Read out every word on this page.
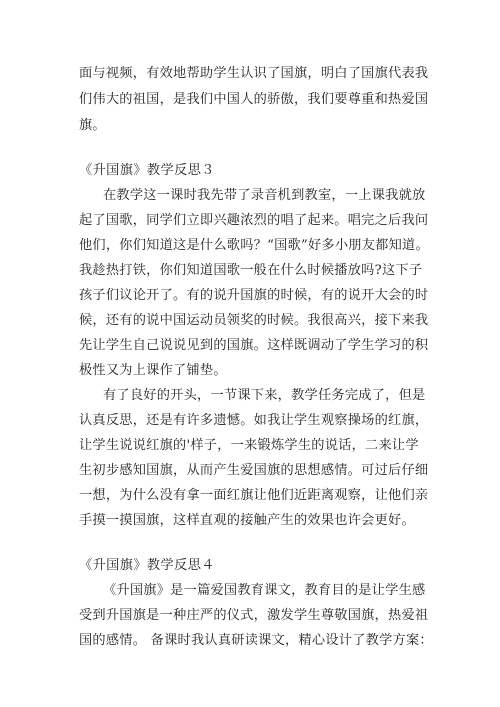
面与视频，有效地帮助学生认识了国旗，明白了国旗代表我
们伟大的祖国，是我们中国人的骄傲，我们要尊重和热爱国
旗。
《升国旗》教学反思３
在教学这一课时我先带了录音机到教室，一上课我就放
起了国歌，同学们立即兴趣浓烈的唱了起来。唱完之后我问
他们，你们知道这是什么歌吗？“国歌”好多小朋友都知道。
我趁热打铁，你们知道国歌一般在什么时候播放吗?这下子
孩子们议论开了。有的说升国旗的时候，有的说开大会的时
候，还有的说中国运动员领奖的时候。我很高兴，接下来我
先让学生自己说说见到的国旗。这样既调动了学生学习的积
极性又为上课作了铺垫。
有了良好的开头，一节课下来，教学任务完成了，但是
认真反思，还是有许多遗憾。如我让学生观察操场的红旗，
让学生说说红旗的'样子，一来锻炼学生的说话，二来让学
生初步感知国旗，从而产生爱国旗的思想感情。可过后仔细
一想，为什么没有拿一面红旗让他们近距离观察，让他们亲
手摸一摸国旗，这样直观的接触产生的效果也许会更好。
《升国旗》教学反思４
《升国旗》是一篇爱国教育课文，教育目的是让学生感
受到升国旗是一种庄严的仪式，激发学生尊敬国旗，热爱祖
国的感情。 备课时我认真研读课文，精心设计了教学方案：
